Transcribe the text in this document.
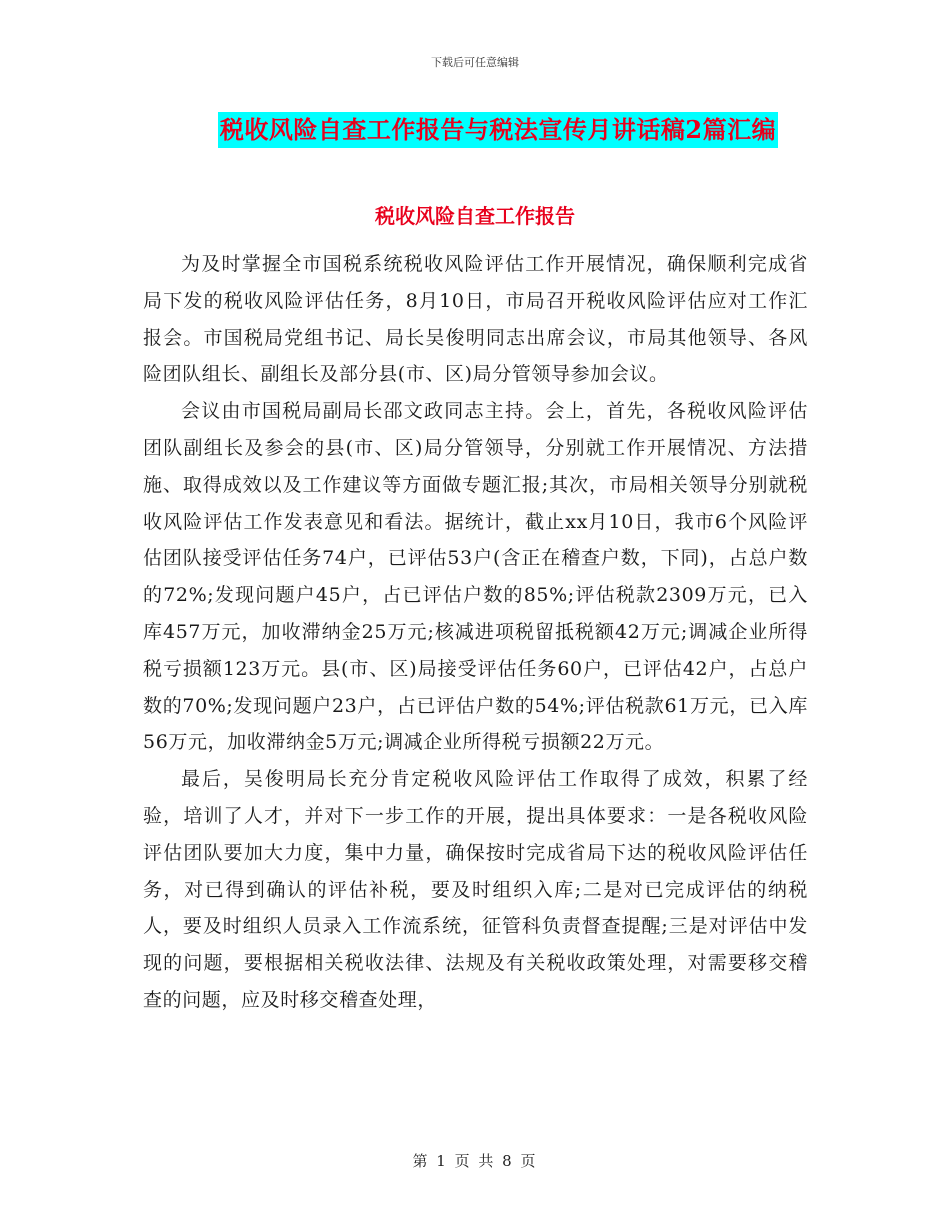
下载后可任意编辑
税收风险自查工作报告与税法宣传月讲话稿2篇汇编
税收风险自查工作报告

为及时掌握全市国税系统税收风险评估工作开展情况，确保顺利完成省局下发的税收风险评估任务，8月10日，市局召开税收风险评估应对工作汇报会。市国税局党组书记、局长吴俊明同志出席会议，市局其他领导、各风险团队组长、副组长及部分县(市、区)局分管领导参加会议。

会议由市国税局副局长邵文政同志主持。会上，首先，各税收风险评估团队副组长及参会的县(市、区)局分管领导，分别就工作开展情况、方法措施、取得成效以及工作建议等方面做专题汇报;其次，市局相关领导分别就税收风险评估工作发表意见和看法。据统计，截止xx月10日，我市6个风险评估团队接受评估任务74户，已评估53户(含正在稽查户数，下同)，占总户数的72%;发现问题户45户，占已评估户数的85%;评估税款2309万元，已入库457万元，加收滞纳金25万元;核减进项税留抵税额42万元;调减企业所得税亏损额123万元。县(市、区)局接受评估任务60户，已评估42户，占总户数的70%;发现问题户23户，占已评估户数的54%;评估税款61万元，已入库56万元，加收滞纳金5万元;调减企业所得税亏损额22万元。

最后，吴俊明局长充分肯定税收风险评估工作取得了成效，积累了经验，培训了人才，并对下一步工作的开展，提出具体要求：一是各税收风险评估团队要加大力度，集中力量，确保按时完成省局下达的税收风险评估任务，对已得到确认的评估补税，要及时组织入库;二是对已完成评估的纳税人，要及时组织人员录入工作流系统，征管科负责督查提醒;三是对评估中发现的问题，要根据相关税收法律、法规及有关税收政策处理，对需要移交稽查的问题，应及时移交稽查处理，

第 1 页 共 8 页
